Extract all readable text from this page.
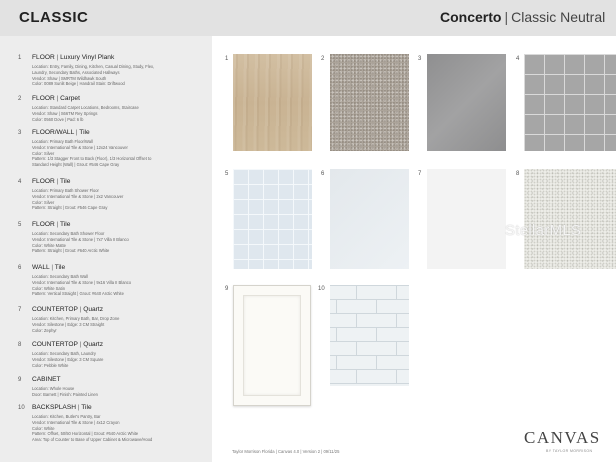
CLASSIC	Concerto | Classic Neutral
1 FLOOR | Luxury Vinyl Plank
Location: Entry, Family, Dining, Kitchen, Casual Dining, Study, Flex,
Laundry, Secondary Baths, Associated Hallways
Vendor: Shaw | SMRTM Wildhawk South
Color: 0089 Sunlit Beige | Handrail Stain: Driftwood
2 FLOOR | Carpet
Location: Standard Carpet Locations, Bedrooms, Staircase
Vendor: Shaw | S66TM Rey Springs
Color: 0560 Dove | Pad: 6 lb
3 FLOOR/WALL | Tile
Location: Primary Bath Floor/Wall
Vendor: International Tile & Stone | 12x24 Vancouver
Color: Silver
Pattern: 1/3 Stagger Front to Back (Floor), 1/3 Horizontal Offset to
Standard Height (Wall) | Grout: #546 Cape Gray
4 FLOOR | Tile
Location: Primary Bath Shower Floor
Vendor: International Tile & Stone | 2x2 Vancouver
Color: Silver
Pattern: Straight | Grout: #546 Cape Gray
5 FLOOR | Tile
Location: Secondary Bath Shower Floor
Vendor: International Tile & Stone | 7x7 Villa II Blanco
Color: White Matte
Pattern: Straight | Grout: #640 Arctic White
6 WALL | Tile
Location: Secondary Bath Wall
Vendor: International Tile & Stone | 9x16 Villa II Blanco
Color: White Satin
Pattern: Vertical Straight | Grout: #640 Arctic White
7 COUNTERTOP | Quartz
Location: Kitchen, Primary Bath, Bar, Drop Zone
Vendor: Silestone | Edge: 3 CM Straight
Color: Zephyr
8 COUNTERTOP | Quartz
Location: Secondary Bath, Laundry
Vendor: Silestone | Edge: 3 CM Square
Color: Pebble White
9 CABINET
Location: Whole House
Door: Barnett | Finish: Painted Linen
10 BACKSPLASH | Tile
Location: Kitchen, Butler's Pantry, Bar
Vendor: International Tile & Stone | 4x12 Crayon
Color: White
Pattern: Offset, 50/50 Horizontal | Grout: #640 Arctic White
Area: Top of Counter to Base of Upper Cabinet & Microwave/Hood
1	2	3	4
5	6	7	8
9	10
StellarMLS
Taylor Morrison Florida | Canvas 4.0 | Version 2 | 09/11/25
CANVAS
BY TAYLOR MORRISON
